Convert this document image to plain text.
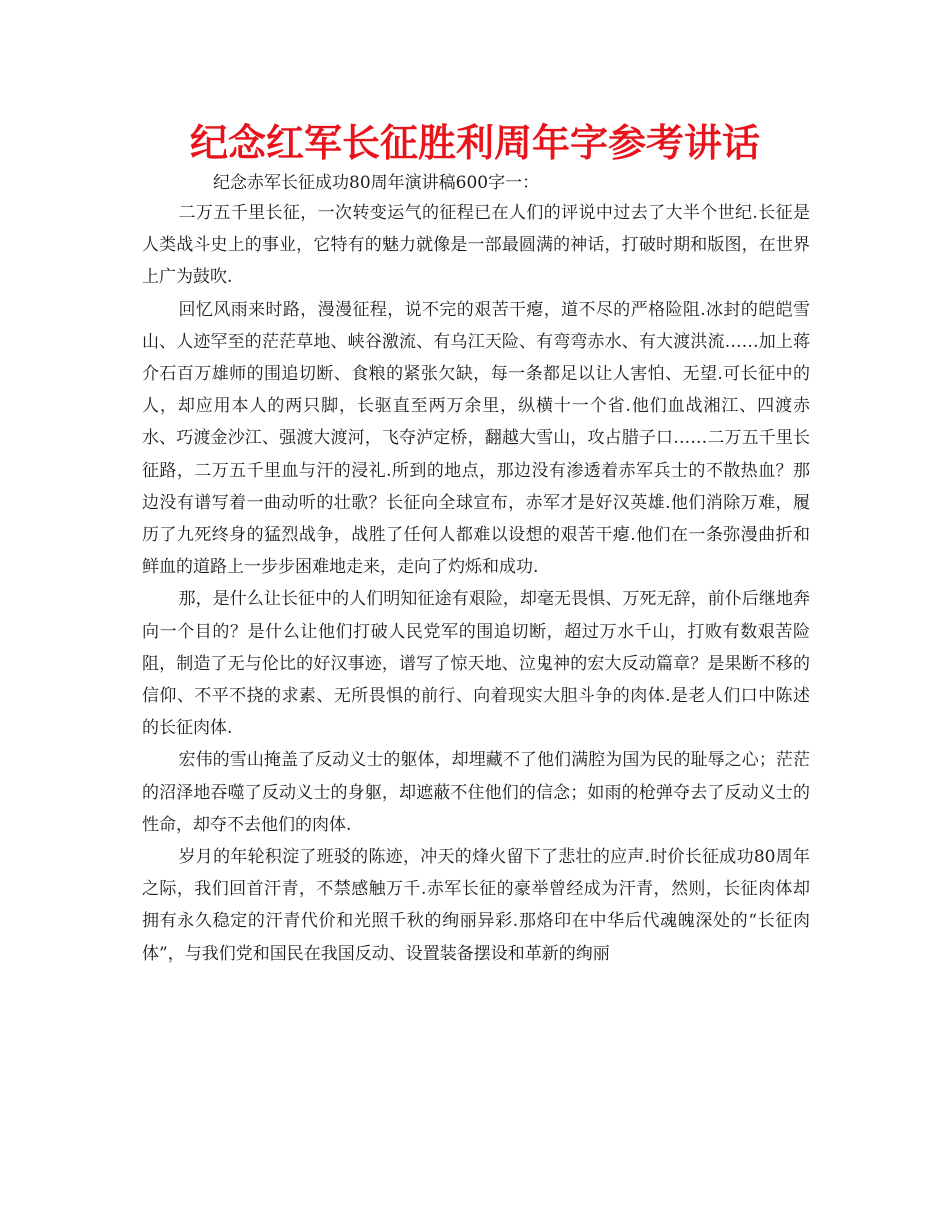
纪念红军长征胜利周年字参考讲话
纪念赤军长征成功80周年演讲稿600字一：

二万五千里长征，一次转变运气的征程已在人们的评说中过去了大半个世纪.长征是人类战斗史上的事业，它特有的魅力就像是一部最圆满的神话，打破时期和版图，在世界上广为鼓吹.

回忆风雨来时路，漫漫征程，说不完的艰苦干瘪，道不尽的严格险阻.冰封的皑皑雪山、人迹罕至的茫茫草地、峡谷激流、有乌江天险、有弯弯赤水、有大渡洪流……加上蒋介石百万雄师的围追切断、食粮的紧张欠缺，每一条都足以让人害怕、无望.可长征中的人，却应用本人的两只脚，长驱直至两万余里，纵横十一个省.他们血战湘江、四渡赤水、巧渡金沙江、强渡大渡河，飞夺泸定桥，翻越大雪山，攻占腊子口……二万五千里长征路，二万五千里血与汗的浸礼.所到的地点，那边没有渗透着赤军兵士的不散热血？那边没有谱写着一曲动听的壮歌？长征向全球宣布，赤军才是好汉英雄.他们消除万难，履历了九死终身的猛烈战争，战胜了任何人都难以设想的艰苦干瘪.他们在一条弥漫曲折和鲜血的道路上一步步困难地走来，走向了灼烁和成功.

那，是什么让长征中的人们明知征途有艰险，却毫无畏惧、万死无辞，前仆后继地奔向一个目的？是什么让他们打破人民党军的围追切断，超过万水千山，打败有数艰苦险阻，制造了无与伦比的好汉事迹，谱写了惊天地、泣鬼神的宏大反动篇章？是果断不移的信仰、不平不挠的求素、无所畏惧的前行、向着现实大胆斗争的肉体.是老人们口中陈述的长征肉体.

宏伟的雪山掩盖了反动义士的躯体，却埋藏不了他们满腔为国为民的耻辱之心；茫茫的沼泽地吞噬了反动义士的身躯，却遮蔽不住他们的信念；如雨的枪弹夺去了反动义士的性命，却夺不去他们的肉体.

岁月的年轮积淀了班驳的陈迹，冲天的烽火留下了悲壮的应声.时价长征成功80周年之际，我们回首汗青，不禁感触万千.赤军长征的豪举曾经成为汗青，然则，长征肉体却拥有永久稳定的汗青代价和光照千秋的绚丽异彩.那烙印在中华后代魂魄深处的“长征肉体”，与我们党和国民在我国反动、设置装备摆设和革新的绚丽
